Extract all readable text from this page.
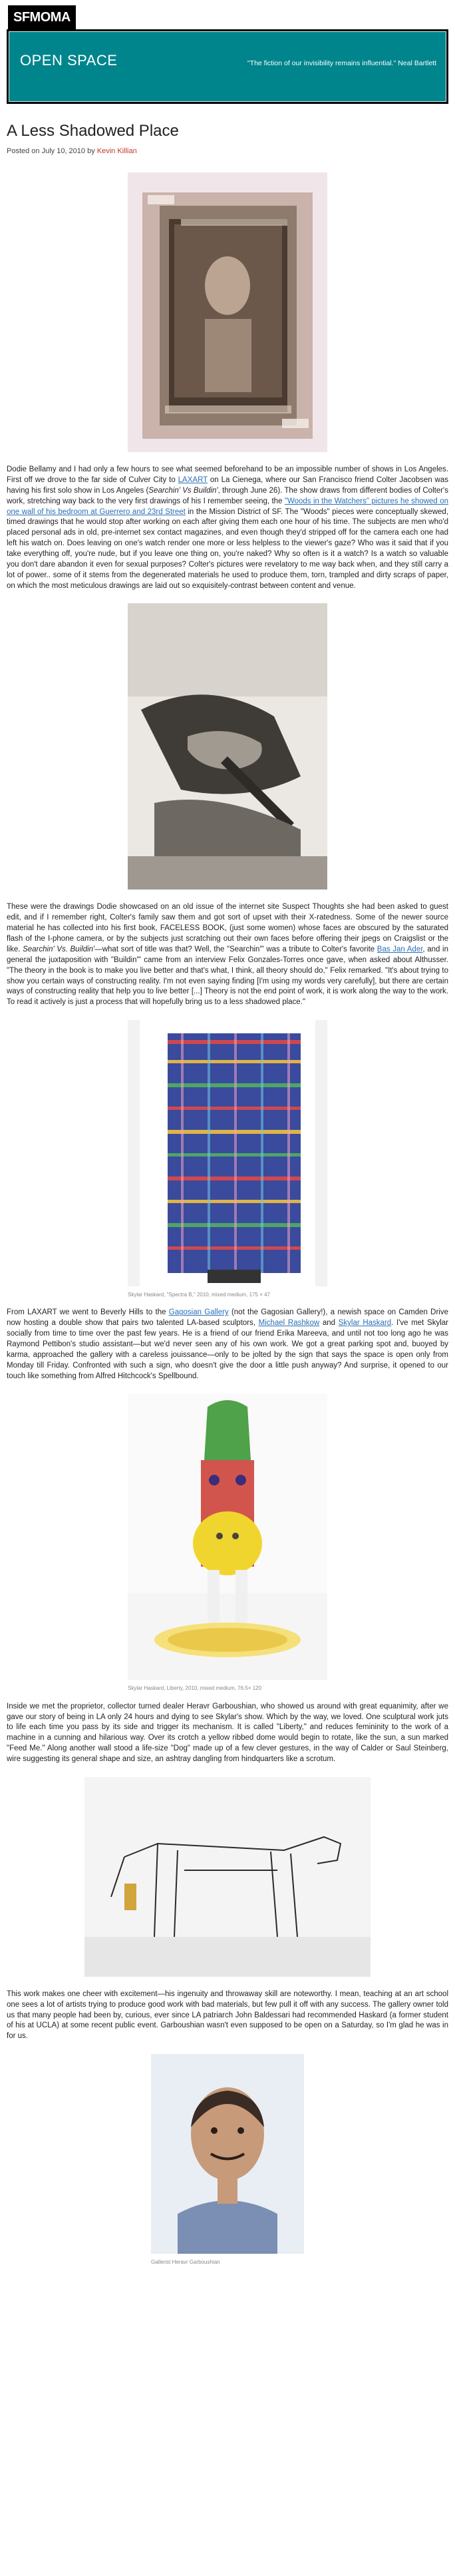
SFMOMA
OPEN SPACE	"The fiction of our invisibility remains influential." Neal Bartlett
A Less Shadowed Place
Posted on July 10, 2010 by Kevin Killian

Dodie Bellamy and I had only a few hours to see what seemed beforehand to be an impossible number of shows in Los Angeles. First off we drove to the far side of Culver City to LAXART on La Cienega, where our San Francisco friend Colter Jacobsen was having his first solo show in Los Angeles (Searchin' Vs Buildin', through June 26). The show draws from different bodies of Colter's work, stretching way back to the very first drawings of his I remember seeing, the "Woods in the Watchers" pictures he showed on one wall of his bedroom at Guerrero and 23rd Street in the Mission District of SF. The "Woods" pieces were conceptually skewed, timed drawings that he would stop after working on each after giving them each one hour of his time. The subjects are men who'd placed personal ads in old, pre-internet sex contact magazines, and even though they'd stripped off for the camera each one had left his watch on. Does leaving on one's watch render one more or less helpless to the viewer's gaze? Who was it said that if you take everything off, you're nude, but if you leave one thing on, you're naked? Why so often is it a watch? Is a watch so valuable you don't dare abandon it even for sexual purposes? Colter's pictures were revelatory to me way back when, and they still carry a lot of power.. some of it stems from the degenerated materials he used to produce them, torn, trampled and dirty scraps of paper, on which the most meticulous drawings are laid out so exquisitely-contrast between content and venue.

These were the drawings Dodie showcased on an old issue of the internet site Suspect Thoughts she had been asked to guest edit, and if I remember right, Colter's family saw them and got sort of upset with their X-ratedness. Some of the newer source material he has collected into his first book, FACELESS BOOK, (just some women) whose faces are obscured by the saturated flash of the I-phone camera, or by the subjects just scratching out their own faces before offering their jpegs on Craigslist or the like. Searchin' Vs. Buildin'—what sort of title was that? Well, the "Searchin'" was a tribute to Colter's favorite Bas Jan Ader, and in general the juxtaposition with "Buildin'" came from an interview Felix Gonzales-Torres once gave, when asked about Althusser. "The theory in the book is to make you live better and that's what, I think, all theory should do," Felix remarked. "It's about trying to show you certain ways of constructing reality. I'm not even saying finding [I'm using my words very carefully], but there are certain ways of constructing reality that help you to live better [...] Theory is not the end point of work, it is work along the way to the work. To read it actively is just a process that will hopefully bring us to a less shadowed place."

Skylar Haskard, "Spectra B," 2010, mixed medium, 175 × 47

From LAXART we went to Beverly Hills to the Gagosian Gallery (not the Gagosian Gallery!), a newish space on Camden Drive now hosting a double show that pairs two talented LA-based sculptors, Michael Rashkow and Skylar Haskard. I've met Skylar socially from time to time over the past few years. He is a friend of our friend Erika Mareeva, and until not too long ago he was Raymond Pettibon's studio assistant—but we'd never seen any of his own work. We got a great parking spot and, buoyed by karma, approached the gallery with a careless jouissance—only to be jolted by the sign that says the space is open only from Monday till Friday. Confronted with such a sign, who doesn't give the door a little push anyway? And surprise, it opened to our touch like something from Alfred Hitchcock's Spellbound.

Skylar Haskard, Liberty, 2010, mixed medium, 76.5× 120

Inside we met the proprietor, collector turned dealer Heravr Garboushian, who showed us around with great equanimity, after we gave our story of being in LA only 24 hours and dying to see Skylar's show. Which by the way, we loved. One sculptural work juts to life each time you pass by its side and trigger its mechanism. It is called "Liberty," and reduces femininity to the work of a machine in a cunning and hilarious way. Over its crotch a yellow ribbed dome would begin to rotate, like the sun, a sun marked "Feed Me." Along another wall stood a life-size "Dog" made up of a few clever gestures, in the way of Calder or Saul Steinberg, wire suggesting its general shape and size, an ashtray dangling from hindquarters like a scrotum.

This work makes one cheer with excitement—his ingenuity and throwaway skill are noteworthy. I mean, teaching at an art school one sees a lot of artists trying to produce good work with bad materials, but few pull it off with any success. The gallery owner told us that many people had been by, curious, ever since LA patriarch John Baldessari had recommended Haskard (a former student of his at UCLA) at some recent public event. Garboushian wasn't even supposed to be open on a Saturday, so I'm glad he was in for us.

Gallerist Heravr Garboushian
